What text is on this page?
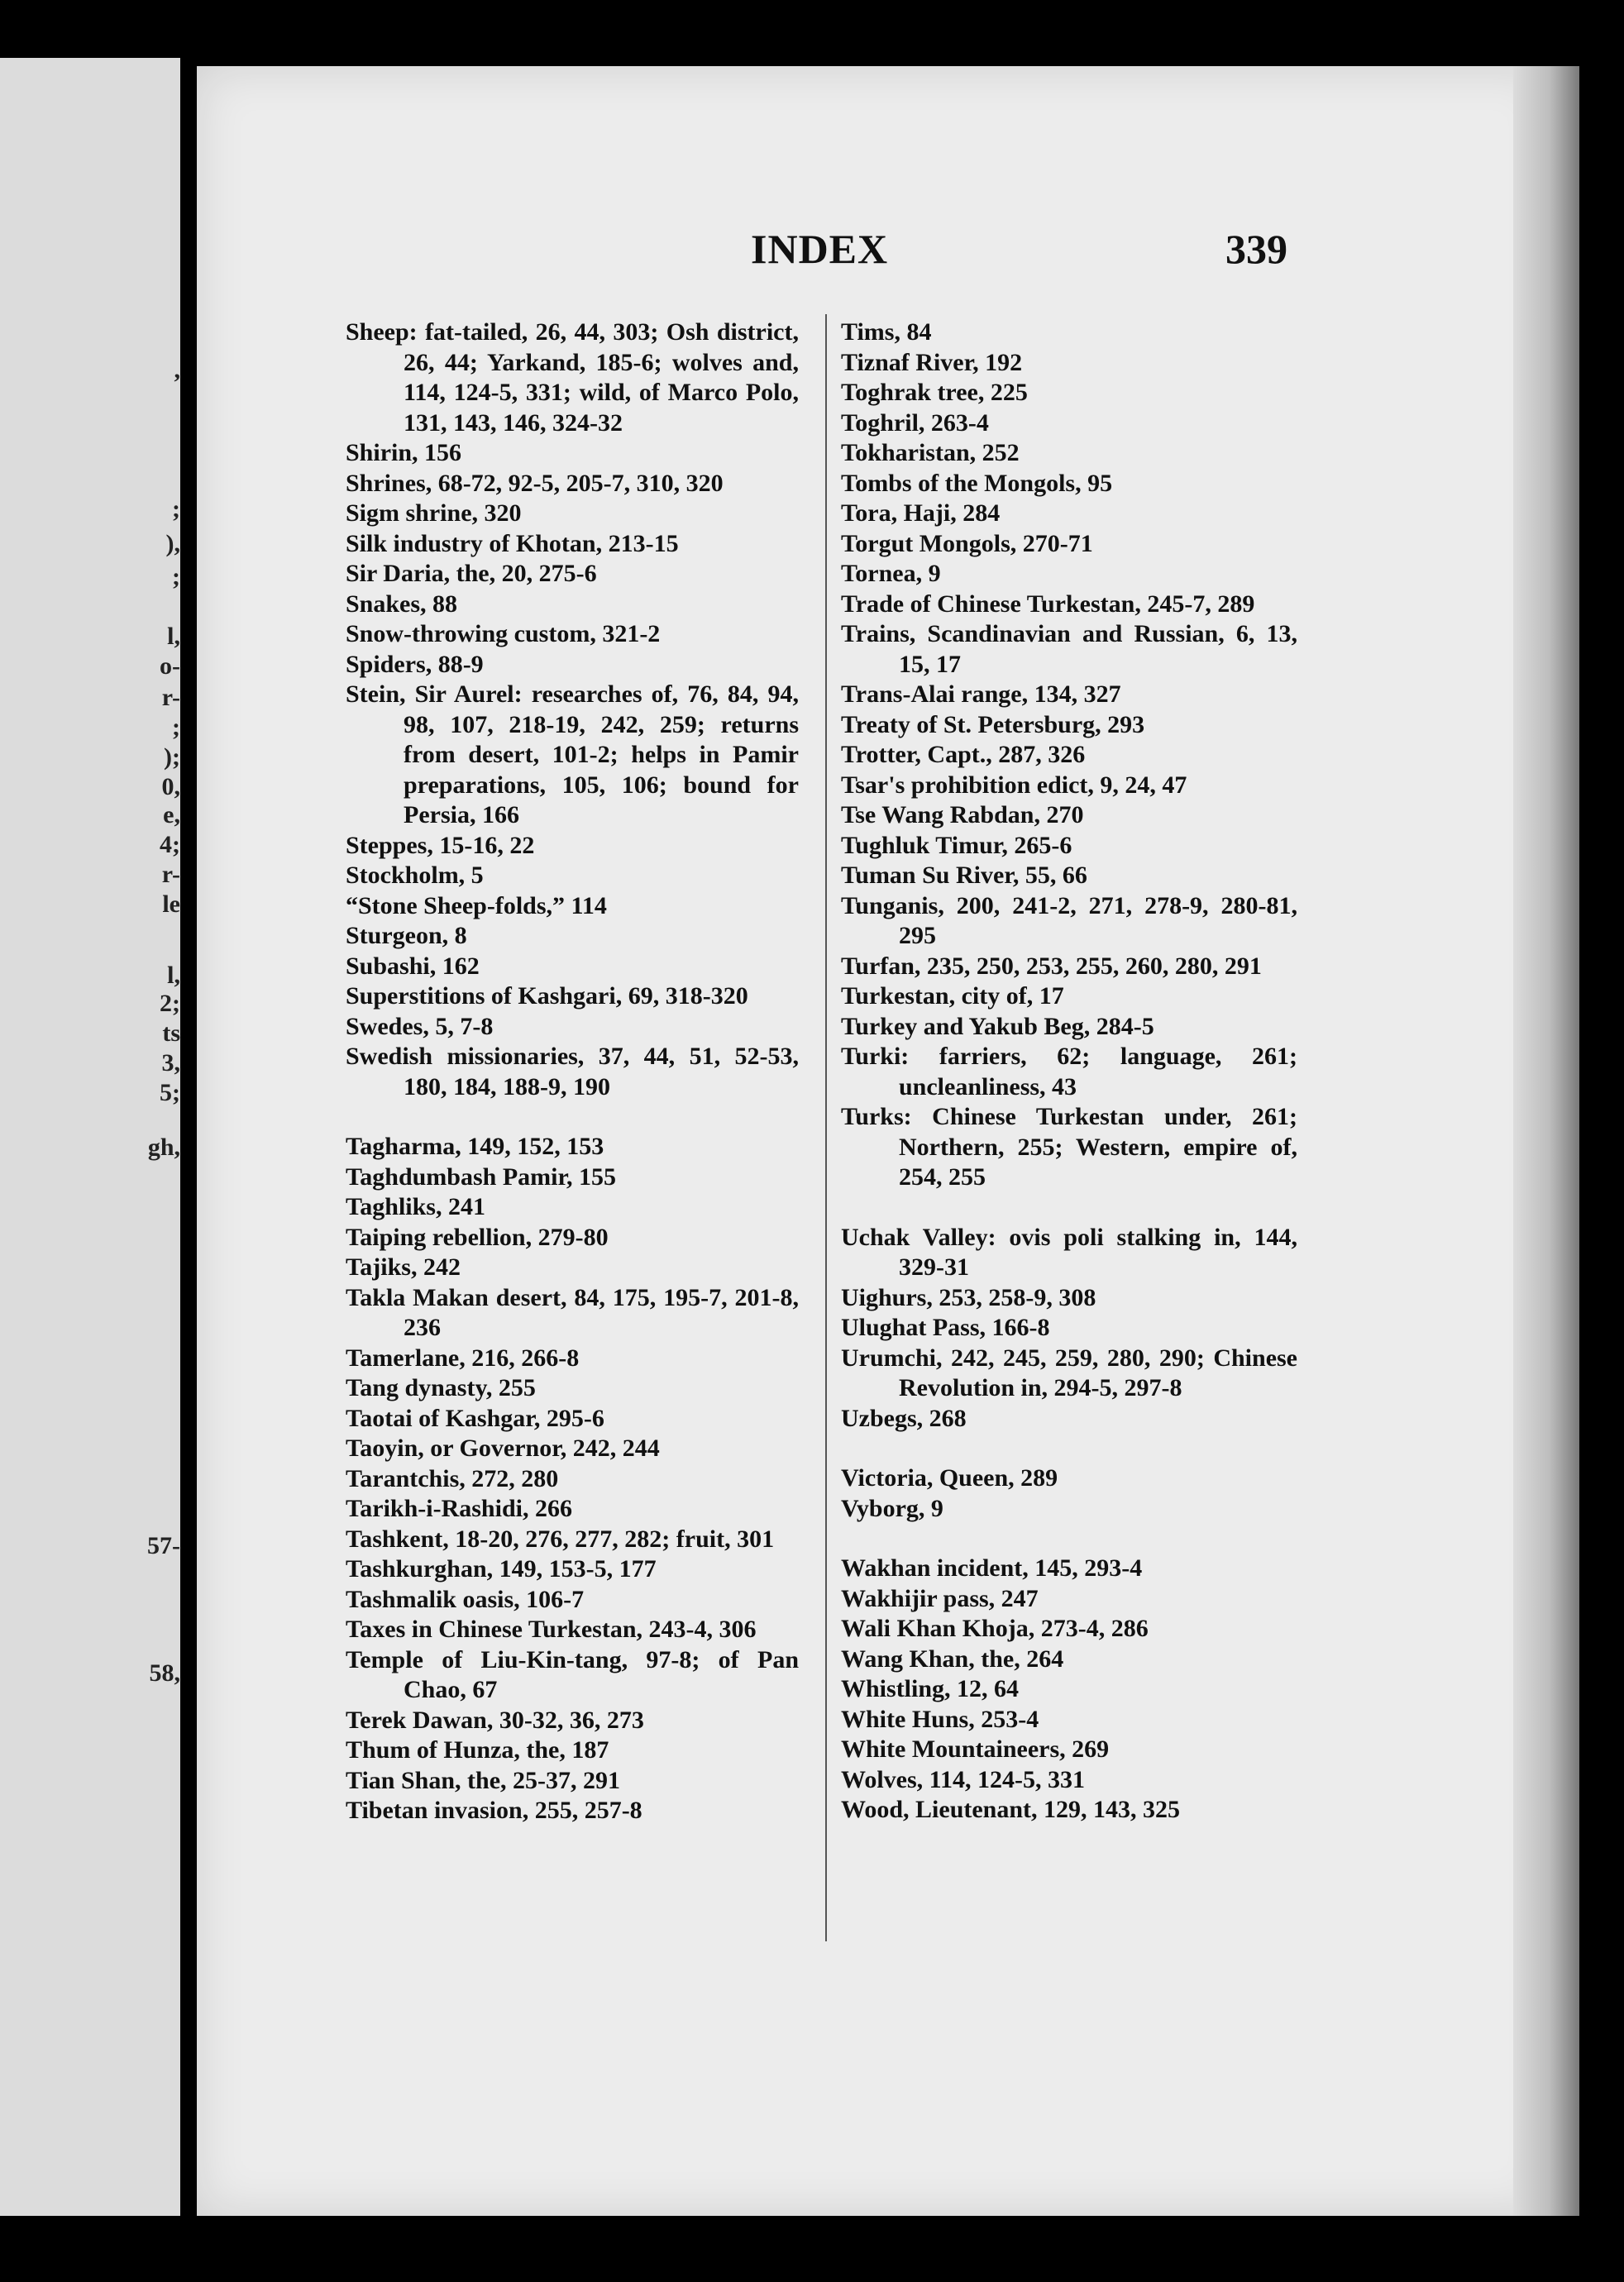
,
;
),
;
l,
o-
r-
;
);
0,
e,
4;
r-
le
l,
2;
ts
3,
5;
gh,
57-
58,
INDEX	339

Sheep: fat-tailed, 26, 44, 303; Osh district, 26, 44; Yarkand, 185-6; wolves and, 114, 124-5, 331; wild, of Marco Polo, 131, 143, 146, 324-32

Shirin, 156

Shrines, 68-72, 92-5, 205-7, 310, 320

Sigm shrine, 320

Silk industry of Khotan, 213-15

Sir Daria, the, 20, 275-6

Snakes, 88

Snow-throwing custom, 321-2

Spiders, 88-9

Stein, Sir Aurel: researches of, 76, 84, 94, 98, 107, 218-19, 242, 259; returns from desert, 101-2; helps in Pamir preparations, 105, 106; bound for Persia, 166

Steppes, 15-16, 22

Stockholm, 5

“Stone Sheep-folds,” 114

Sturgeon, 8

Subashi, 162

Superstitions of Kashgari, 69, 318-320

Swedes, 5, 7-8

Swedish missionaries, 37, 44, 51, 52-53, 180, 184, 188-9, 190

Tagharma, 149, 152, 153

Taghdumbash Pamir, 155

Taghliks, 241

Taiping rebellion, 279-80

Tajiks, 242

Takla Makan desert, 84, 175, 195-7, 201-8, 236

Tamerlane, 216, 266-8

Tang dynasty, 255

Taotai of Kashgar, 295-6

Taoyin, or Governor, 242, 244

Tarantchis, 272, 280

Tarikh-i-Rashidi, 266

Tashkent, 18-20, 276, 277, 282; fruit, 301

Tashkurghan, 149, 153-5, 177

Tashmalik oasis, 106-7

Taxes in Chinese Turkestan, 243-4, 306

Temple of Liu-Kin-tang, 97-8; of Pan Chao, 67

Terek Dawan, 30-32, 36, 273

Thum of Hunza, the, 187

Tian Shan, the, 25-37, 291

Tibetan invasion, 255, 257-8

Tims, 84

Tiznaf River, 192

Toghrak tree, 225

Toghril, 263-4

Tokharistan, 252

Tombs of the Mongols, 95

Tora, Haji, 284

Torgut Mongols, 270-71

Tornea, 9

Trade of Chinese Turkestan, 245-7, 289

Trains, Scandinavian and Russian, 6, 13, 15, 17

Trans-Alai range, 134, 327

Treaty of St. Petersburg, 293

Trotter, Capt., 287, 326

Tsar's prohibition edict, 9, 24, 47

Tse Wang Rabdan, 270

Tughluk Timur, 265-6

Tuman Su River, 55, 66

Tunganis, 200, 241-2, 271, 278-9, 280-81, 295

Turfan, 235, 250, 253, 255, 260, 280, 291

Turkestan, city of, 17

Turkey and Yakub Beg, 284-5

Turki: farriers, 62; language, 261; uncleanliness, 43

Turks: Chinese Turkestan under, 261; Northern, 255; Western, empire of, 254, 255

Uchak Valley: ovis poli stalking in, 144, 329-31

Uighurs, 253, 258-9, 308

Ulughat Pass, 166-8

Urumchi, 242, 245, 259, 280, 290; Chinese Revolution in, 294-5, 297-8

Uzbegs, 268

Victoria, Queen, 289

Vyborg, 9

Wakhan incident, 145, 293-4

Wakhijir pass, 247

Wali Khan Khoja, 273-4, 286

Wang Khan, the, 264

Whistling, 12, 64

White Huns, 253-4

White Mountaineers, 269

Wolves, 114, 124-5, 331

Wood, Lieutenant, 129, 143, 325
